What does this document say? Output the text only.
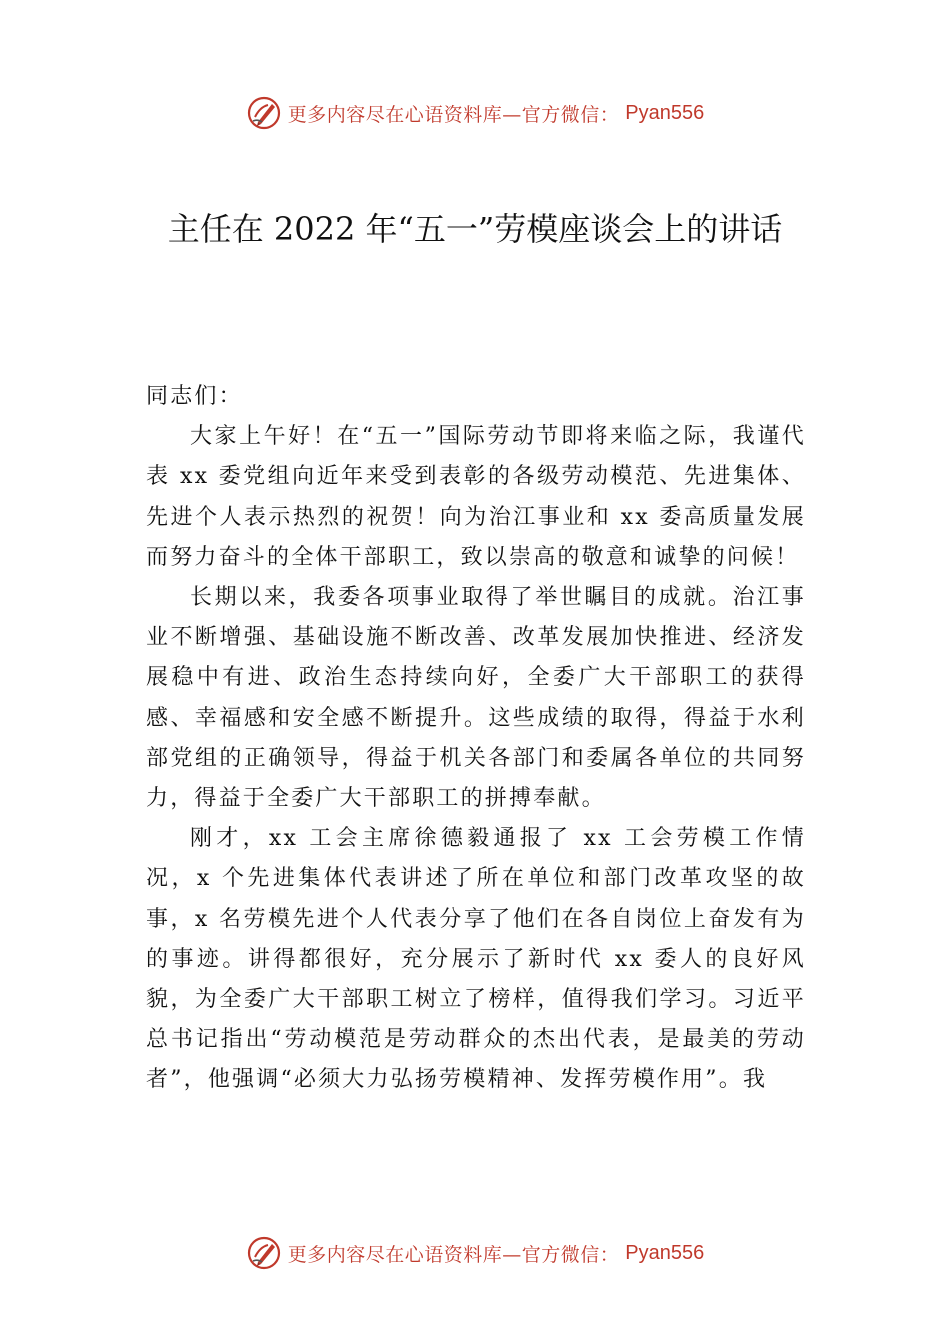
更多内容尽在心语资料库—官方微信： Pyan556
主任在 2022 年“五一”劳模座谈会上的讲话

同志们：

大家上午好！在“五一”国际劳动节即将来临之际，我谨代表 xx 委党组向近年来受到表彰的各级劳动模范、先进集体、先进个人表示热烈的祝贺！向为治江事业和 xx 委高质量发展而努力奋斗的全体干部职工，致以崇高的敬意和诚挚的问候！

长期以来，我委各项事业取得了举世瞩目的成就。治江事业不断增强、基础设施不断改善、改革发展加快推进、经济发展稳中有进、政治生态持续向好，全委广大干部职工的获得感、幸福感和安全感不断提升。这些成绩的取得，得益于水利部党组的正确领导，得益于机关各部门和委属各单位的共同努力，得益于全委广大干部职工的拼搏奉献。

刚才，xx 工会主席徐德毅通报了 xx 工会劳模工作情况，x 个先进集体代表讲述了所在单位和部门改革攻坚的故事，x 名劳模先进个人代表分享了他们在各自岗位上奋发有为的事迹。讲得都很好，充分展示了新时代 xx 委人的良好风貌，为全委广大干部职工树立了榜样，值得我们学习。习近平总书记指出“劳动模范是劳动群众的杰出代表，是最美的劳动者”，他强调“必须大力弘扬劳模精神、发挥劳模作用”。我

更多内容尽在心语资料库—官方微信： Pyan556
